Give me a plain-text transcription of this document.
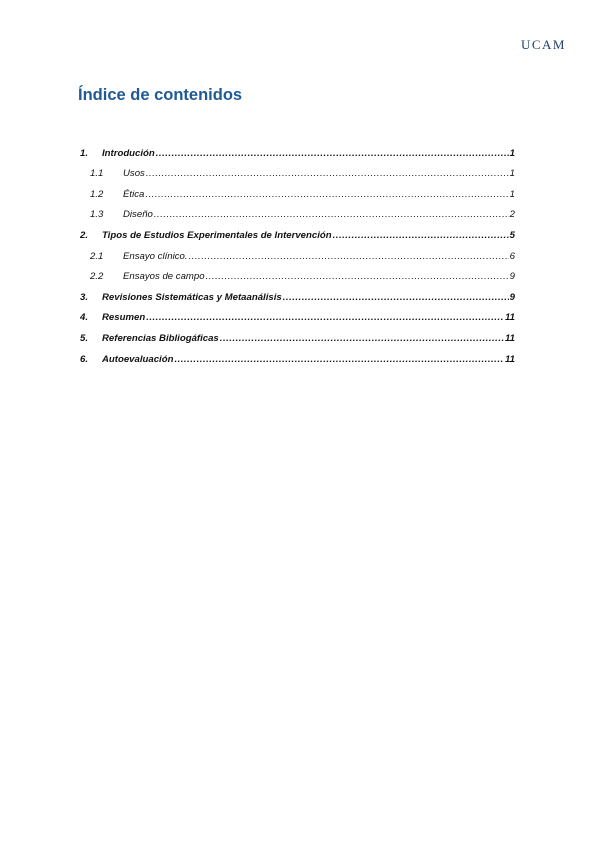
UCAM
Índice de contenidos
1.	Introdución .....	1
1.1	Usos .....	1
1.2	Ética .....	1
1.3	Diseño .....	2
2.	Tipos de Estudios Experimentales de Intervención .....	5
2.1	Ensayo clínico. .....	6
2.2	Ensayos de campo .....	9
3.	Revisiones Sistemáticas y Metaanálisis .....	9
4.	Resumen .....	11
5.	Referencias Bibliogáficas .....	11
6.	Autoevaluación .....	11
